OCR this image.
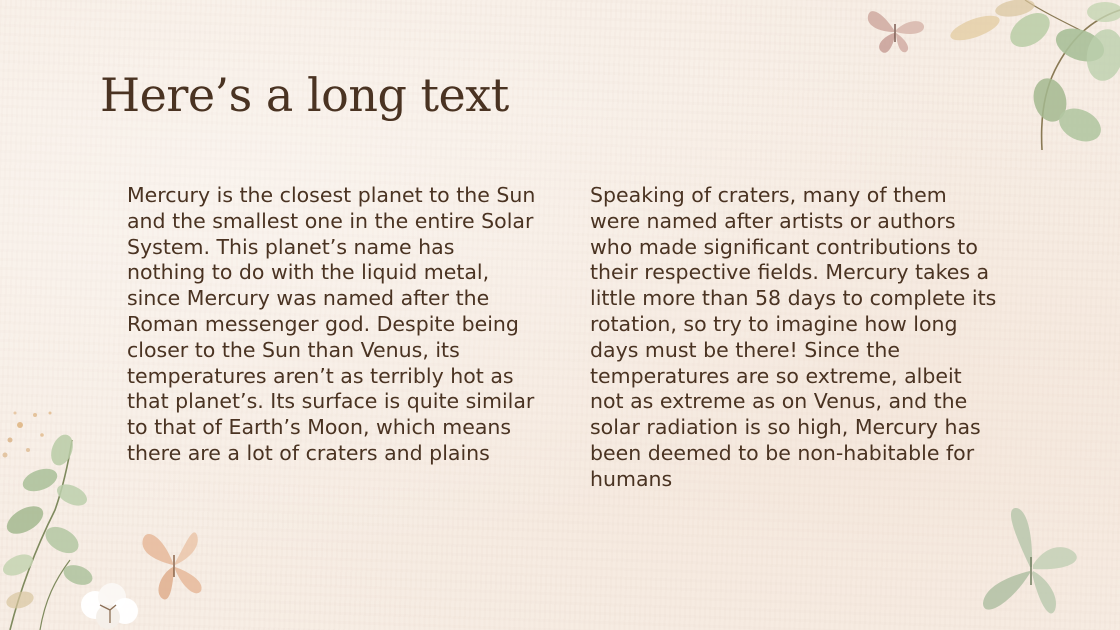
Here’s a long text

Mercury is the closest planet to the Sun and the smallest one in the entire Solar System. This planet’s name has nothing to do with the liquid metal, since Mercury was named after the Roman messenger god. Despite being closer to the Sun than Venus, its temperatures aren’t as terribly hot as that planet’s. Its surface is quite similar to that of Earth’s Moon, which means there are a lot of craters and plains

Speaking of craters, many of them were named after artists or authors who made significant contributions to their respective fields. Mercury takes a little more than 58 days to complete its rotation, so try to imagine how long days must be there! Since the temperatures are so extreme, albeit not as extreme as on Venus, and the solar radiation is so high, Mercury has been deemed to be non-habitable for humans
